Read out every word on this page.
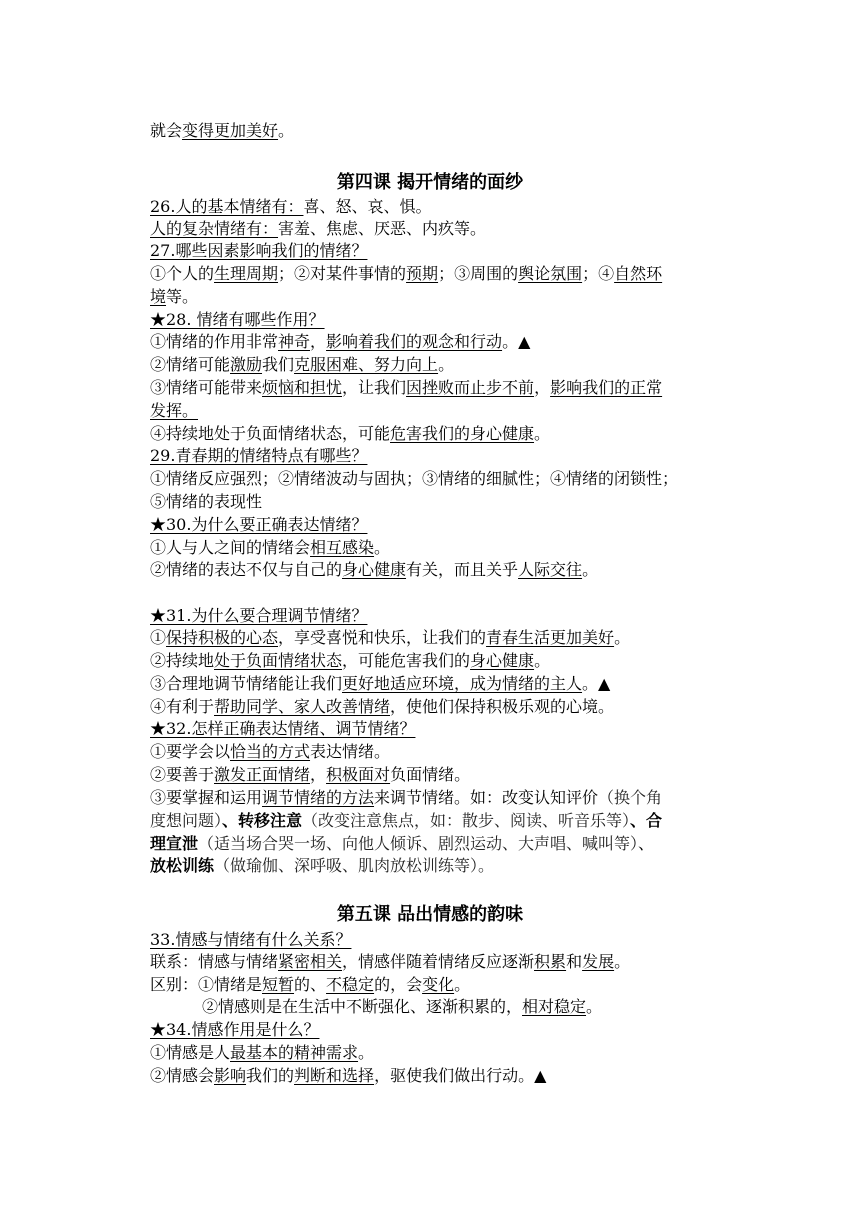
就会变得更加美好。
第四课 揭开情绪的面纱
26.人的基本情绪有：喜、怒、哀、惧。
人的复杂情绪有：害羞、焦虑、厌恶、内疚等。
27.哪些因素影响我们的情绪？
①个人的生理周期；②对某件事情的预期；③周围的舆论氛围；④自然环
境等。
★28. 情绪有哪些作用？
①情绪的作用非常神奇，影响着我们的观念和行动。▲
②情绪可能激励我们克服困难、努力向上。
③情绪可能带来烦恼和担忧，让我们因挫败而止步不前，影响我们的正常
发挥。
④持续地处于负面情绪状态，可能危害我们的身心健康。
29.青春期的情绪特点有哪些？
①情绪反应强烈；②情绪波动与固执；③情绪的细腻性；④情绪的闭锁性；
⑤情绪的表现性
★30.为什么要正确表达情绪？
①人与人之间的情绪会相互感染。
②情绪的表达不仅与自己的身心健康有关，而且关乎人际交往。
★31.为什么要合理调节情绪？
①保持积极的心态，享受喜悦和快乐，让我们的青春生活更加美好。
②持续地处于负面情绪状态，可能危害我们的身心健康。
③合理地调节情绪能让我们更好地适应环境，成为情绪的主人。▲
④有利于帮助同学、家人改善情绪，使他们保持积极乐观的心境。
★32.怎样正确表达情绪、调节情绪？
①要学会以恰当的方式表达情绪。
②要善于激发正面情绪，积极面对负面情绪。
③要掌握和运用调节情绪的方法来调节情绪。如：改变认知评价（换个角
度想问题）、转移注意（改变注意焦点，如：散步、阅读、听音乐等）、合
理宣泄（适当场合哭一场、向他人倾诉、剧烈运动、大声唱、喊叫等）、
放松训练（做瑜伽、深呼吸、肌肉放松训练等）。
第五课 品出情感的韵味
33.情感与情绪有什么关系？
联系：情感与情绪紧密相关，情感伴随着情绪反应逐渐积累和发展。
区别：①情绪是短暂的、不稳定的，会变化。
②情感则是在生活中不断强化、逐渐积累的，相对稳定。
★34.情感作用是什么？
①情感是人最基本的精神需求。
②情感会影响我们的判断和选择，驱使我们做出行动。▲
